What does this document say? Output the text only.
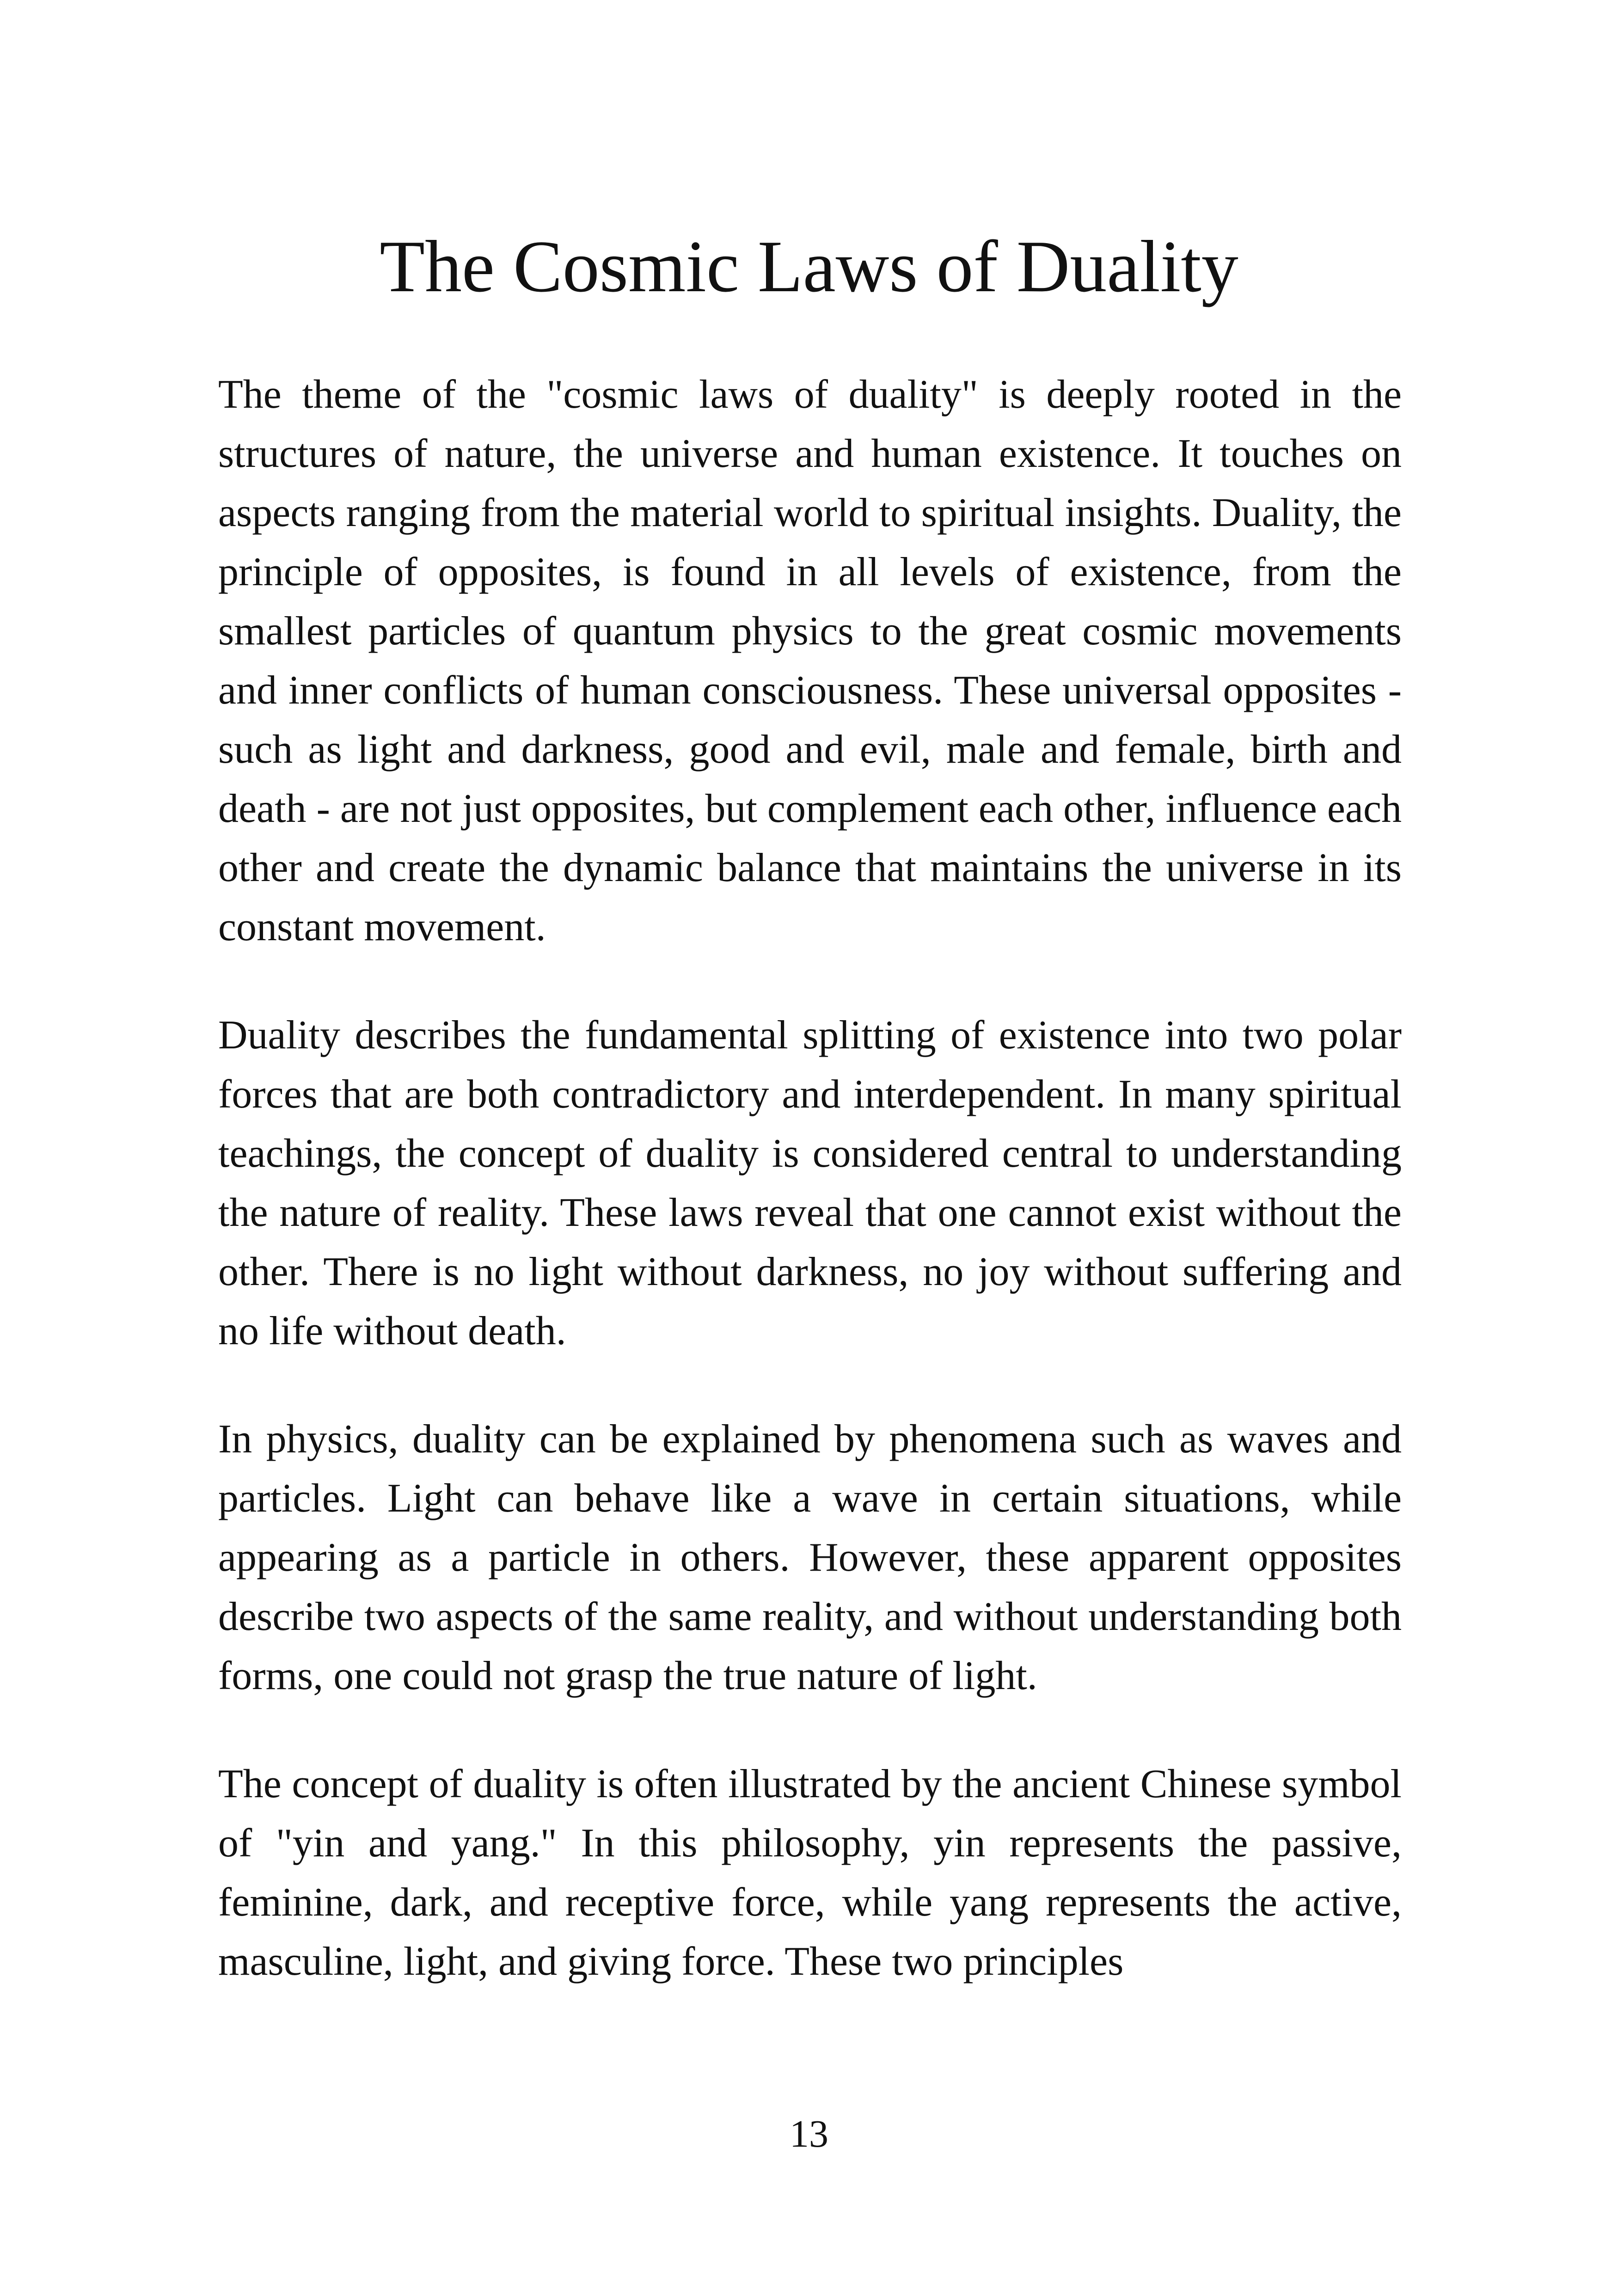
The Cosmic Laws of Duality

The theme of the "cosmic laws of duality" is deeply rooted in the structures of nature, the universe and human existence. It touches on aspects ranging from the material world to spiritual insights. Duality, the principle of opposites, is found in all levels of existence, from the smallest particles of quantum physics to the great cosmic movements and inner conflicts of human consciousness. These universal opposites - such as light and darkness, good and evil, male and female, birth and death - are not just opposites, but complement each other, influence each other and create the dynamic balance that maintains the universe in its constant movement.

Duality describes the fundamental splitting of existence into two polar forces that are both contradictory and interdependent. In many spiritual teachings, the concept of duality is considered central to understanding the nature of reality. These laws reveal that one cannot exist without the other. There is no light without darkness, no joy without suffering and no life without death.

In physics, duality can be explained by phenomena such as waves and particles. Light can behave like a wave in certain situations, while appearing as a particle in others. However, these apparent opposites describe two aspects of the same reality, and without understanding both forms, one could not grasp the true nature of light.

The concept of duality is often illustrated by the ancient Chinese symbol of "yin and yang." In this philosophy, yin represents the passive, feminine, dark, and receptive force, while yang represents the active, masculine, light, and giving force. These two principles

13
